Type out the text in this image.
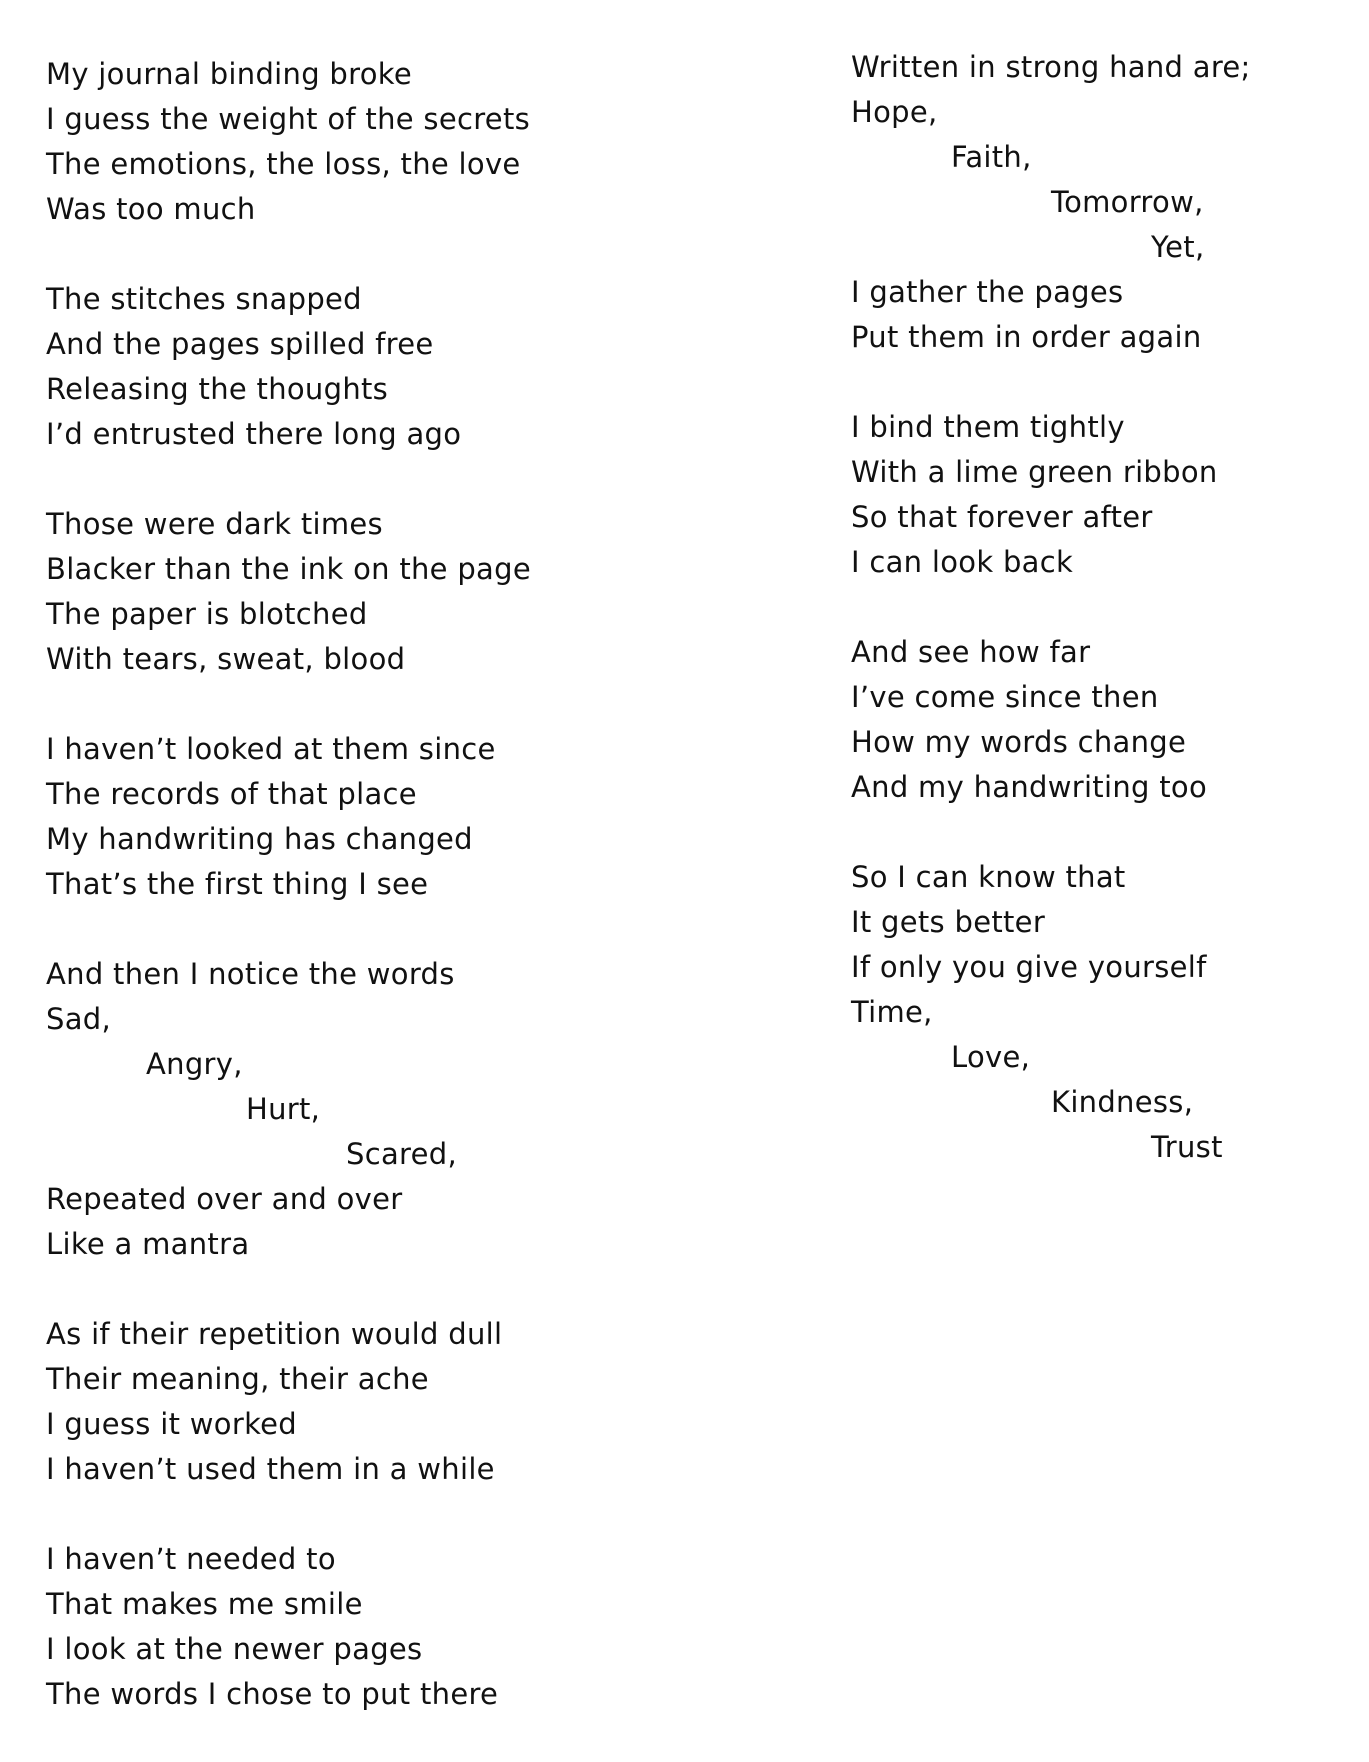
My journal binding broke
I guess the weight of the secrets
The emotions, the loss, the love
Was too much
The stitches snapped
And the pages spilled free
Releasing the thoughts
I’d entrusted there long ago
Those were dark times
Blacker than the ink on the page
The paper is blotched
With tears, sweat, blood
I haven’t looked at them since
The records of that place
My handwriting has changed
That’s the first thing I see
And then I notice the words
Sad,
Angry,
Hurt,
Scared,
Repeated over and over
Like a mantra
As if their repetition would dull
Their meaning, their ache
I guess it worked
I haven’t used them in a while
I haven’t needed to
That makes me smile
I look at the newer pages
The words I chose to put there
Written in strong hand are;
Hope,
Faith,
Tomorrow,
Yet,
I gather the pages
Put them in order again
I bind them tightly
With a lime green ribbon
So that forever after
I can look back
And see how far
I’ve come since then
How my words change
And my handwriting too
So I can know that
It gets better
If only you give yourself
Time,
Love,
Kindness,
Trust
